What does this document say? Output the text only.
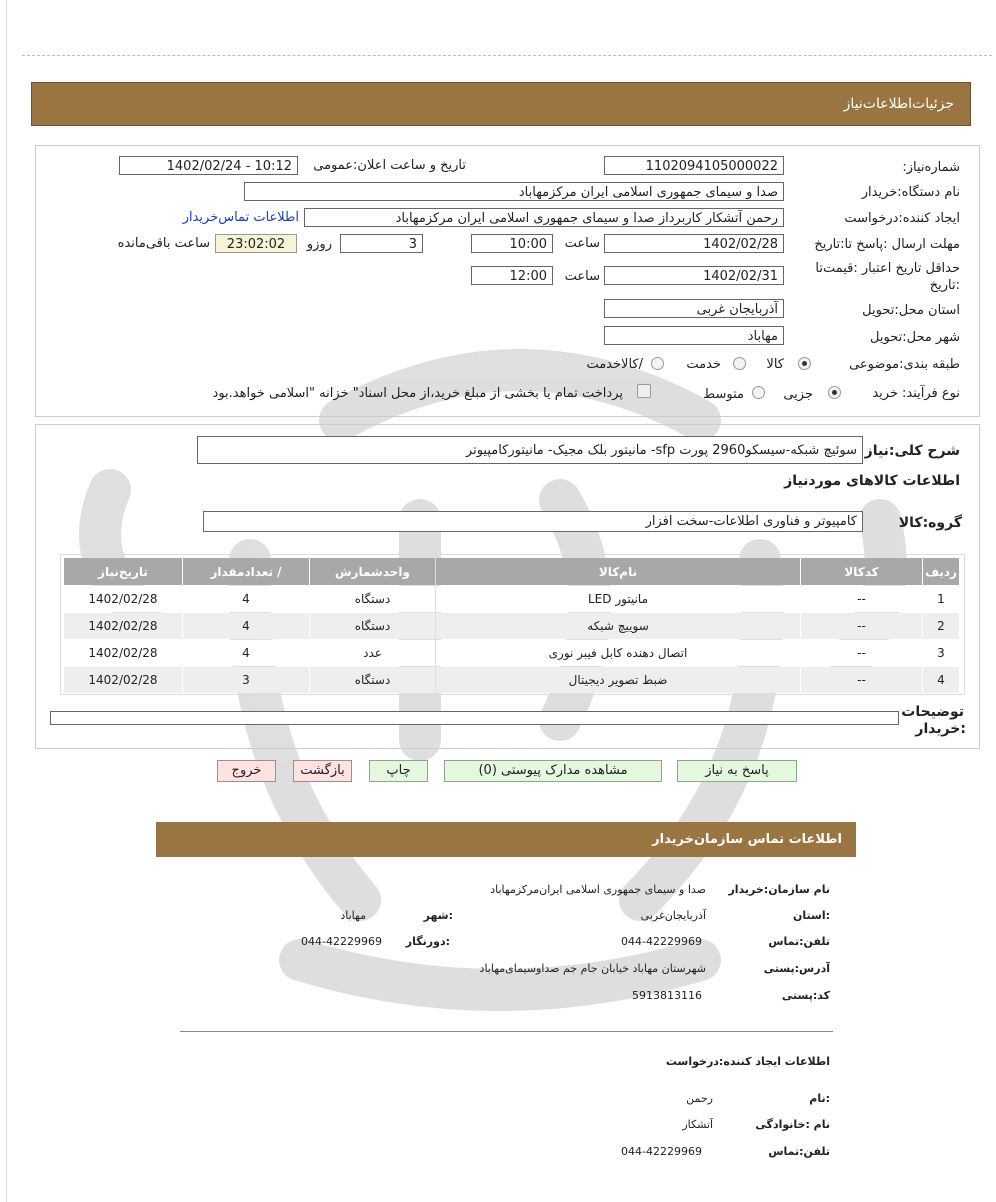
اطلاعات‌نیاز جزئیات
شماره‌نیاز:
1102094105000022
تاریخ و ساعت اعلان:عمومی
1402/02/24 - 10:12
نام دستگاه:خریدار
صدا و سیمای جمهوری اسلامی ایران مرکزمهاباد
ایجاد کننده:درخواست
رحمن آتشکار کاربرداز صدا و سیمای جمهوری اسلامی ایران مرکزمهاباد
اطلاعات تماس‌خریدار
مهلت ارسال :پاسخ تا:تاریخ
1402/02/28
ساعت
10:00
3
روزو
23:02:02
ساعت باقی‌مانده
حداقل تاریخ اعتبار :قیمت‌تا
:تاریخ
1402/02/31
ساعت
12:00
استان محل:تحویل
آذربایجان غربی
شهر محل:تحویل
مهاباد
طبقه بندی:موضوعی
کالا
خدمت
/کالاخدمت
نوع فرآیند:
خرید
جزیی
متوسط
پرداخت تمام یا بخشی از مبلغ خرید،از محل اسناد" خزانه "اسلامی خواهد.بود
شرح کلی:نیاز
سوئیچ شبکه-سیسکو2960 پورت sfp- مانیتور بلک مجیک- مانیتورکامپیوتر
اطلاعات کالاهای موردنیاز
گروه:کالا
کامپیوتر و فناوری اطلاعات-سخت افزار
ردیف	کدکالا	نام‌کالا	واحدشمارش	/ تعدادمقدار	تاریخ‌نیاز
1	--	مانیتور LED	دستگاه	4	1402/02/28
2	--	سوییچ شبکه	دستگاه	4	1402/02/28
3	--	اتصال دهنده کابل فیبر نوری	عدد	4	1402/02/28
4	--	ضبط تصویر دیجیتال	دستگاه	3	1402/02/28
توضیحات
:خریدار
پاسخ به نیاز
مشاهده مدارک پیوستی (0)
چاپ
بازگشت
خروج
اطلاعات تماس سازمان‌خریدار
نام سازمان:خریدار
صدا و سیمای جمهوری اسلامی ایران‌مرکزمهاباد
:استان
آذربایجان‌غربی
:شهر
مهاباد
تلفن:تماس
044-42229969
:دورنگار
044-42229969
آدرس:پستی
شهرستان مهاباد خیابان جام جم صداوسیمای‌مهاباد
کد:پستی
5913813116
اطلاعات ایجاد کننده:درخواست
:نام
رحمن
نام :خانوادگی
آتشکار
تلفن:تماس
044-42229969
